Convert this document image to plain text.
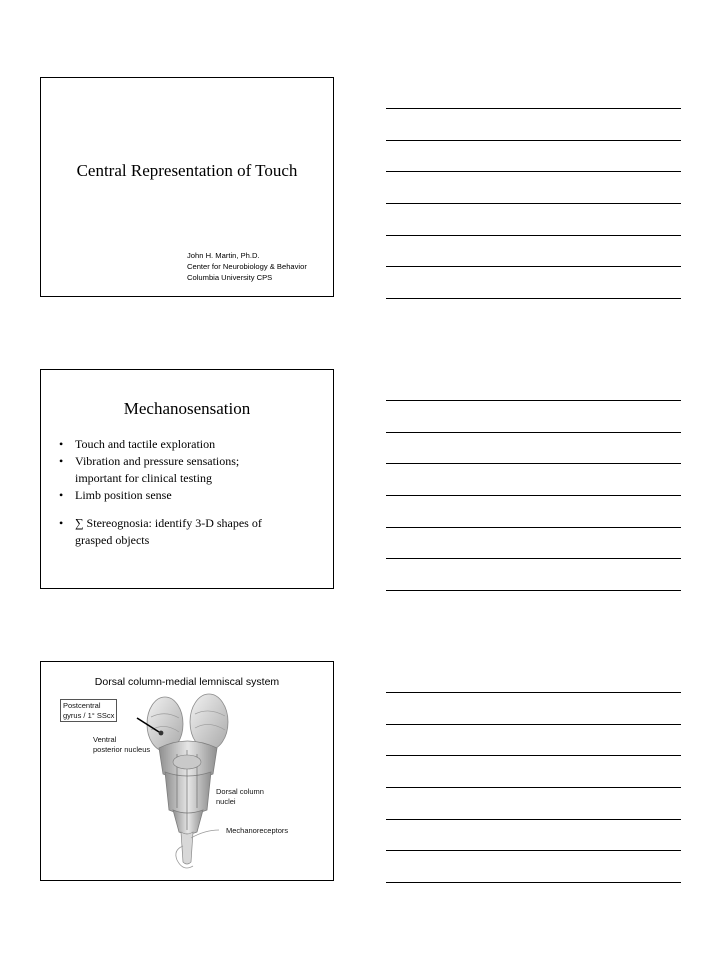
Central Representation of Touch
John H. Martin, Ph.D.
Center for Neurobiology & Behavior
Columbia University CPS
Mechanosensation
• Touch and tactile exploration
• Vibration and pressure sensations;
important for clinical testing
• Limb position sense
• ∑ Stereognosia: identify 3-D shapes of
grasped objects
Dorsal column-medial lemniscal system
Postcentral
gyrus / 1° SScx
Ventral
posterior nucleus
Dorsal column
nuclei
Mechanoreceptors
